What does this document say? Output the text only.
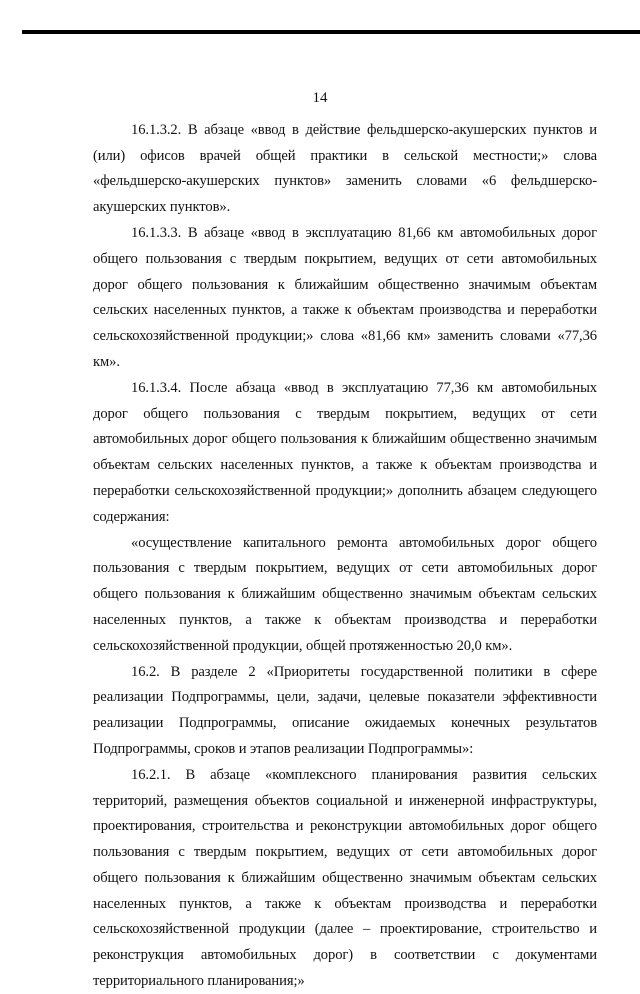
14

16.1.3.2. В абзаце «ввод в действие фельдшерско-акушерских пунктов и (или) офисов врачей общей практики в сельской местности;» слова «фельдшерско-акушерских пунктов» заменить словами «6 фельдшерско-акушерских пунктов».

16.1.3.3. В абзаце «ввод в эксплуатацию 81,66 км автомобильных дорог общего пользования с твердым покрытием, ведущих от сети автомобильных дорог общего пользования к ближайшим общественно значимым объектам сельских населенных пунктов, а также к объектам производства и переработки сельскохозяйственной продукции;» слова «81,66 км» заменить словами «77,36 км».

16.1.3.4. После абзаца «ввод в эксплуатацию 77,36 км автомобильных дорог общего пользования с твердым покрытием, ведущих от сети автомобильных дорог общего пользования к ближайшим общественно значимым объектам сельских населенных пунктов, а также к объектам производства и переработки сельскохозяйственной продукции;» дополнить абзацем следующего содержания:

«осуществление капитального ремонта автомобильных дорог общего пользования с твердым покрытием, ведущих от сети автомобильных дорог общего пользования к ближайшим общественно значимым объектам сельских населенных пунктов, а также к объектам производства и переработки сельскохозяйственной продукции, общей протяженностью 20,0 км».

16.2. В разделе 2 «Приоритеты государственной политики в сфере реализации Подпрограммы, цели, задачи, целевые показатели эффективности реализации Подпрограммы, описание ожидаемых конечных результатов Подпрограммы, сроков и этапов реализации Подпрограммы»:

16.2.1. В абзаце «комплексного планирования развития сельских территорий, размещения объектов социальной и инженерной инфраструктуры, проектирования, строительства и реконструкции автомобильных дорог общего пользования с твердым покрытием, ведущих от сети автомобильных дорог общего пользования к ближайшим общественно значимым объектам сельских населенных пунктов, а также к объектам производства и переработки сельскохозяйственной продукции (далее – проектирование, строительство и реконструкция автомобильных дорог) в соответствии с документами территориального планирования;»
